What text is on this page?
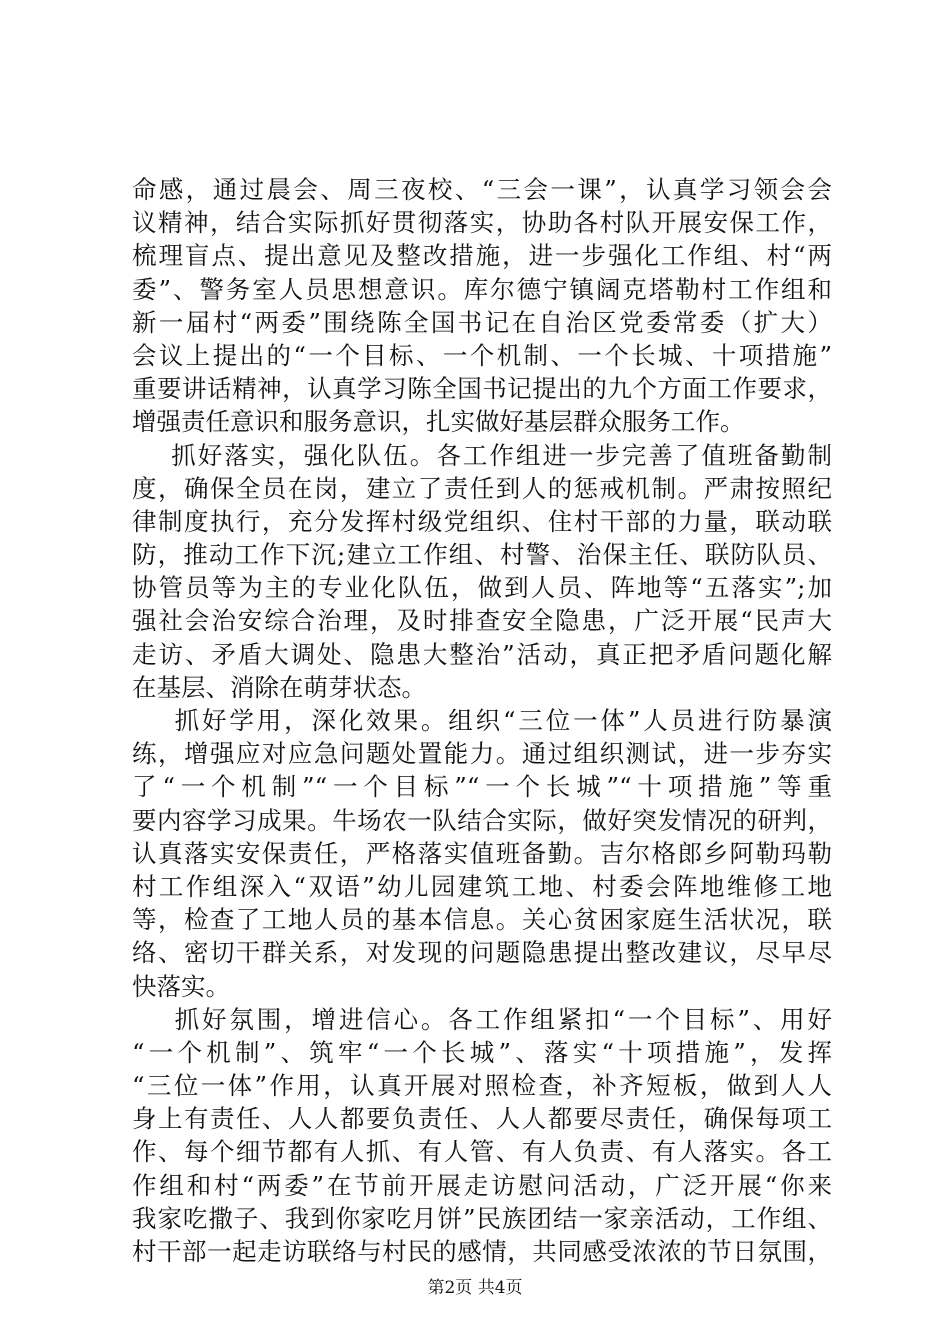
命感，通过晨会、周三夜校、“三会一课”，认真学习领会会
议精神，结合实际抓好贯彻落实，协助各村队开展安保工作，
梳理盲点、提出意见及整改措施，进一步强化工作组、村“两
委”、警务室人员思想意识。库尔德宁镇阔克塔勒村工作组和
新一届村“两委”围绕陈全国书记在自治区党委常委（扩大）
会议上提出的“一个目标、一个机制、一个长城、十项措施”
重要讲话精神，认真学习陈全国书记提出的九个方面工作要求，
增强责任意识和服务意识，扎实做好基层群众服务工作。
抓好落实，强化队伍。各工作组进一步完善了值班备勤制
度，确保全员在岗，建立了责任到人的惩戒机制。严肃按照纪
律制度执行，充分发挥村级党组织、住村干部的力量，联动联
防，推动工作下沉;建立工作组、村警、治保主任、联防队员、
协管员等为主的专业化队伍，做到人员、阵地等“五落实”;加
强社会治安综合治理，及时排查安全隐患，广泛开展“民声大
走访、矛盾大调处、隐患大整治”活动，真正把矛盾问题化解
在基层、消除在萌芽状态。
抓好学用，深化效果。组织“三位一体”人员进行防暴演
练，增强应对应急问题处置能力。通过组织测试，进一步夯实
了“一个机制”“一个目标”“一个长城”“十项措施”等重
要内容学习成果。牛场农一队结合实际，做好突发情况的研判，
认真落实安保责任，严格落实值班备勤。吉尔格郎乡阿勒玛勒
村工作组深入“双语”幼儿园建筑工地、村委会阵地维修工地
等，检查了工地人员的基本信息。关心贫困家庭生活状况，联
络、密切干群关系，对发现的问题隐患提出整改建议，尽早尽
快落实。
抓好氛围，增进信心。各工作组紧扣“一个目标”、用好
“一个机制”、筑牢“一个长城”、落实“十项措施”，发挥
“三位一体”作用，认真开展对照检查，补齐短板，做到人人
身上有责任、人人都要负责任、人人都要尽责任，确保每项工
作、每个细节都有人抓、有人管、有人负责、有人落实。各工
作组和村“两委”在节前开展走访慰问活动，广泛开展“你来
我家吃撒子、我到你家吃月饼”民族团结一家亲活动，工作组、
村干部一起走访联络与村民的感情，共同感受浓浓的节日氛围，
第2页 共4页
